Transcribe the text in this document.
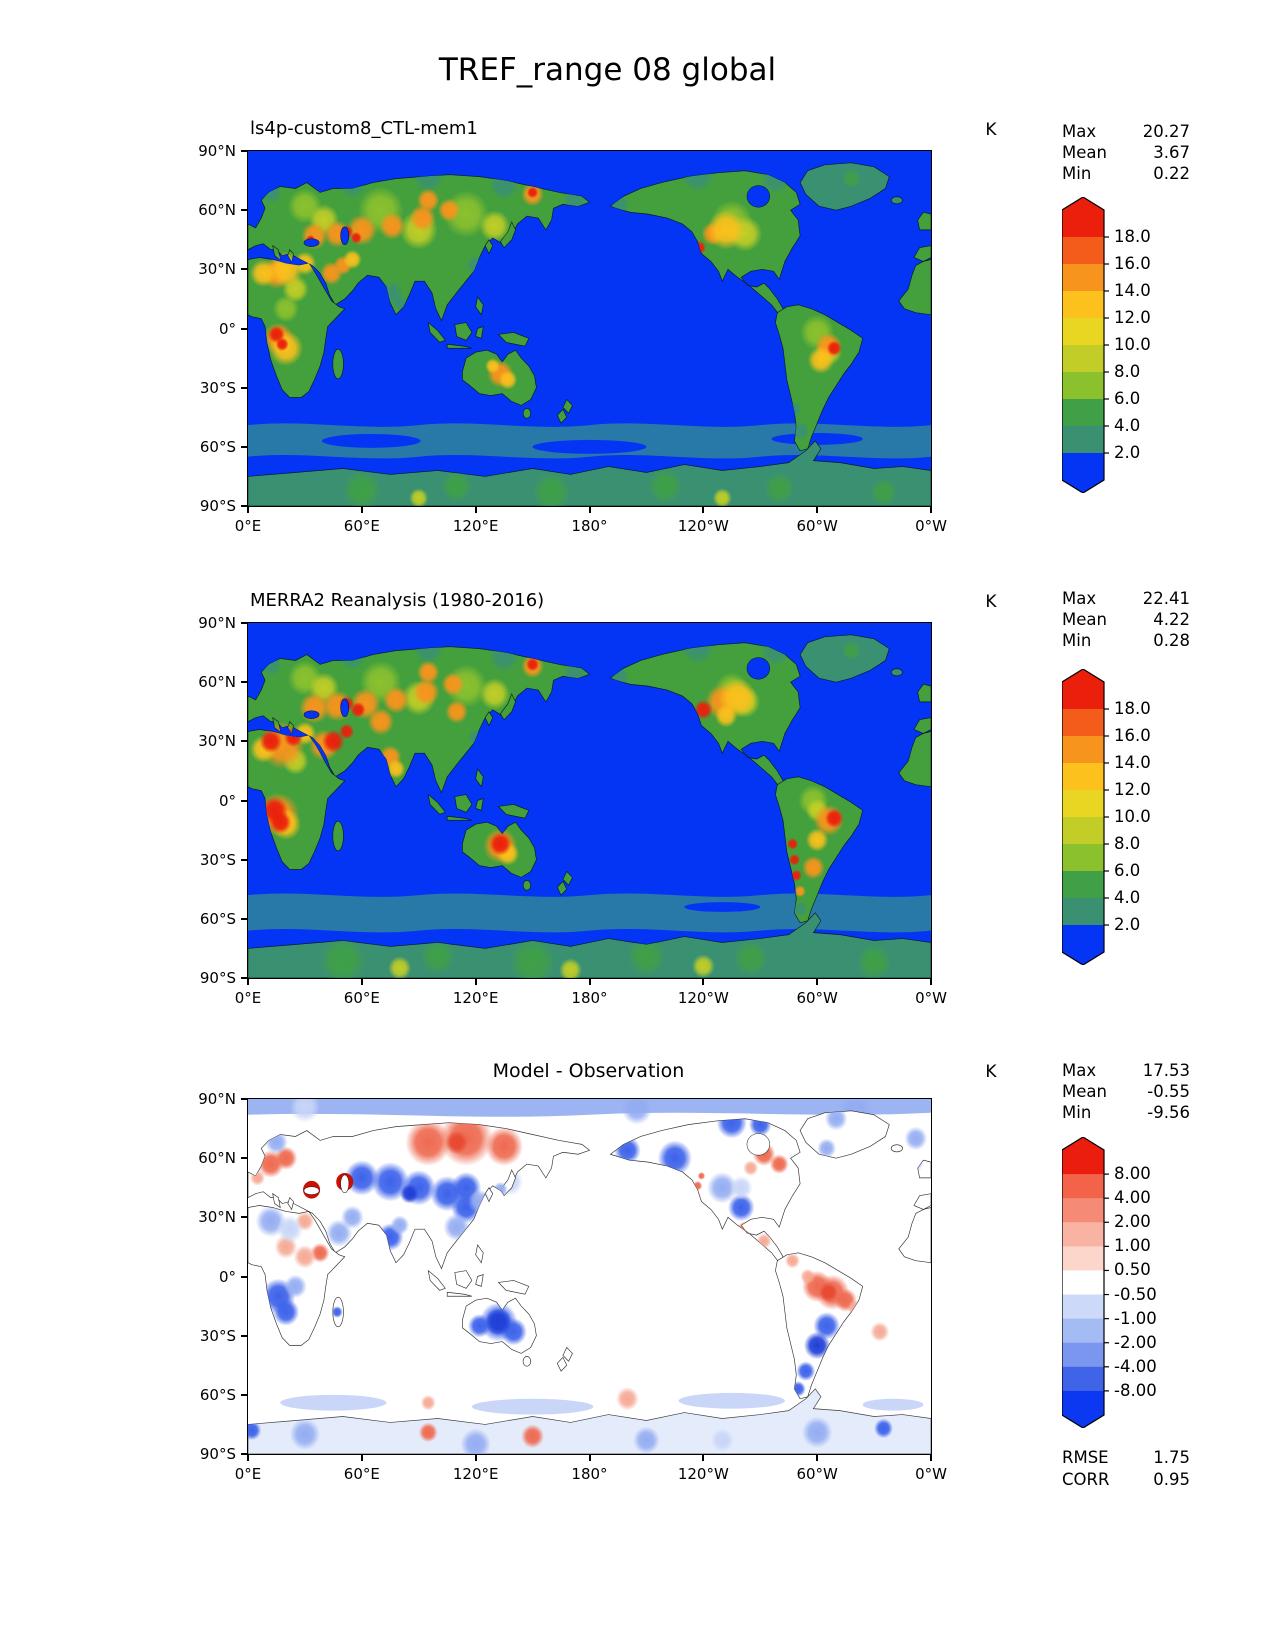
TREF_range 08 global
ls4p-custom8_CTL-mem1	K	Max	20.27
Mean	3.67
Min	0.22
0°E	60°E	120°E	180°	120°W	60°W	0°W
90°N
60°N
30°N
0°
30°S
60°S
90°S
18.0
16.0
14.0
12.0
10.0
8.0
6.0
4.0
2.0
MERRA2 Reanalysis (1980-2016)	K	Max	22.41
Mean	4.22
Min	0.28
0°E	60°E	120°E	180°	120°W	60°W	0°W
90°N
60°N
30°N
0°
30°S
60°S
90°S
18.0
16.0
14.0
12.0
10.0
8.0
6.0
4.0
2.0
Model - Observation	K	Max	17.53
Mean -0.55
Min	-9.56
0°E	60°E	120°E	180°	120°W	60°W	0°W
90°N
60°N
30°N
0°
30°S
60°S
90°S
8.00
4.00
2.00
1.00
0.50
-0.50
-1.00
-2.00
-4.00
-8.00
RMSE	1.75
CORR	0.95
